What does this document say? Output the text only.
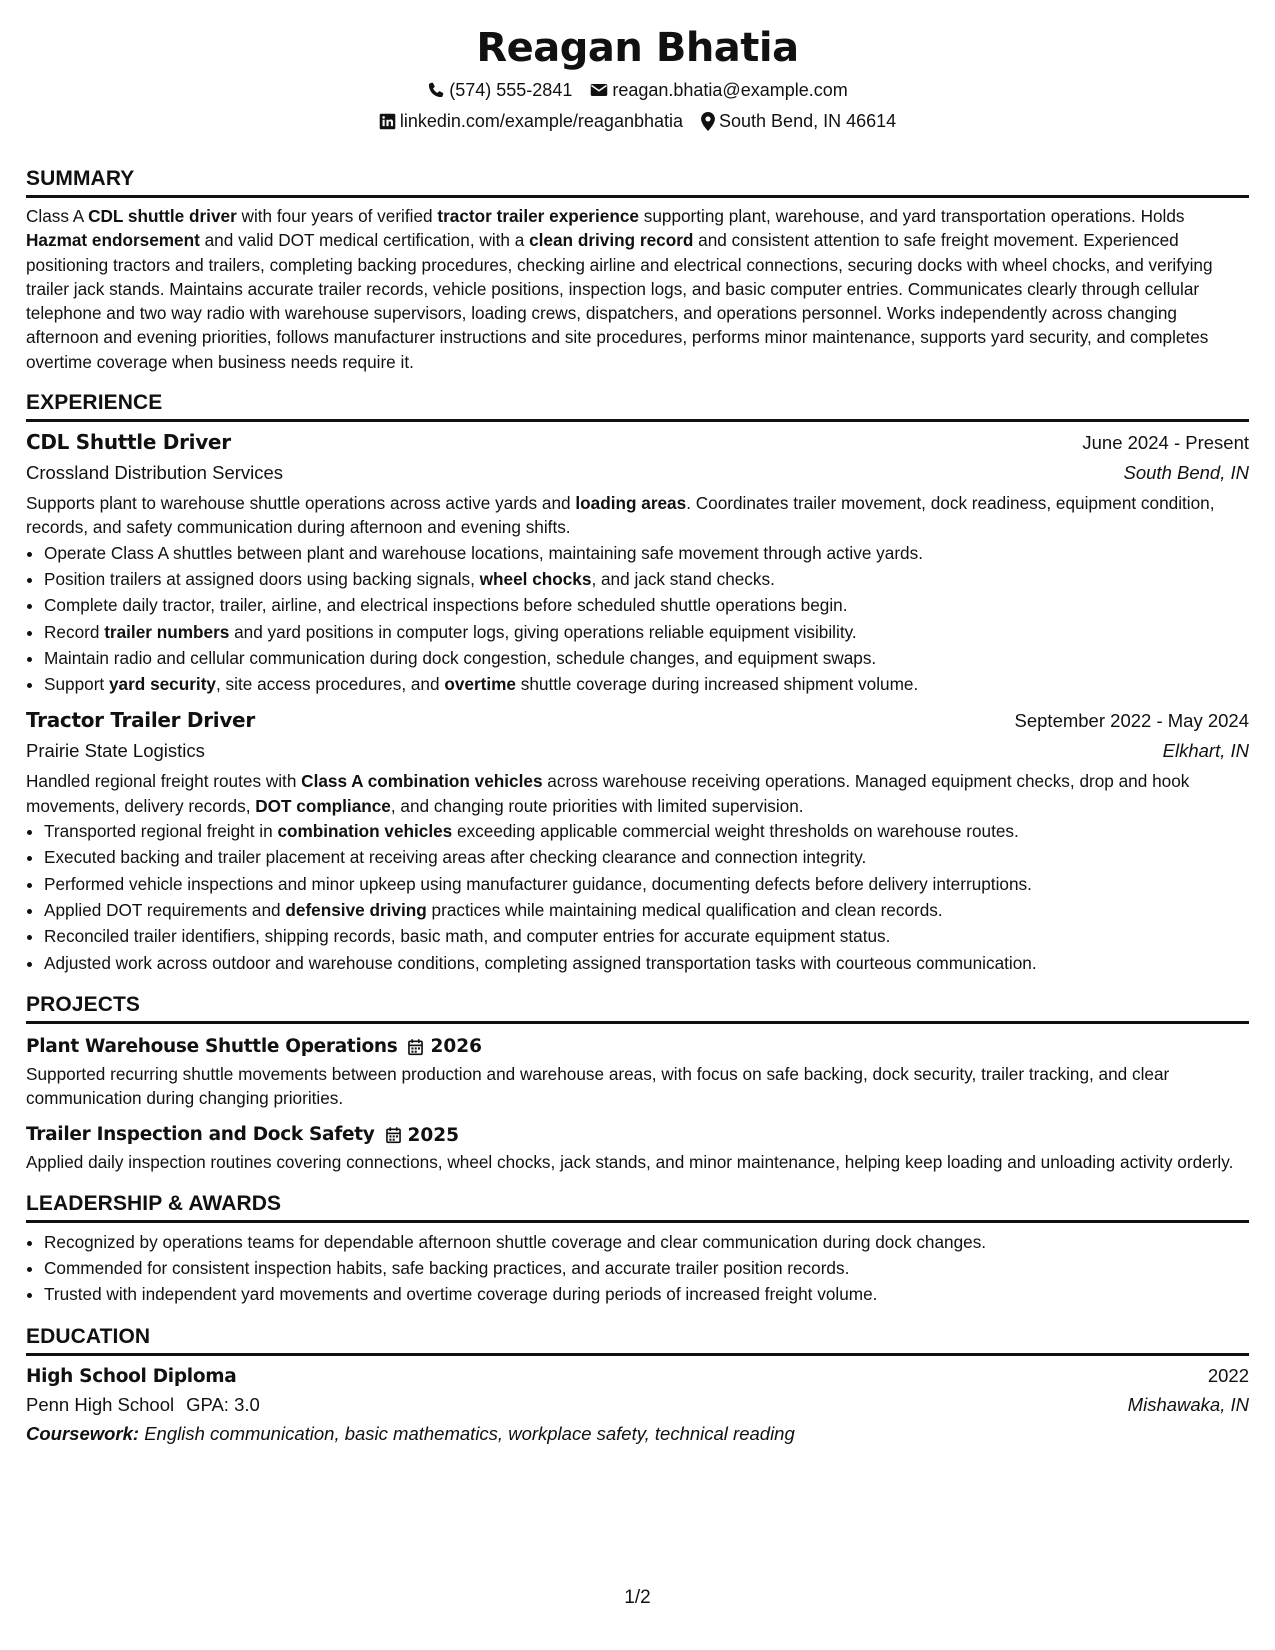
Reagan Bhatia
(574) 555-2841 reagan.bhatia@example.com
linkedin.com/example/reaganbhatia South Bend, IN 46614
SUMMARY

Class A CDL shuttle driver with four years of verified tractor trailer experience supporting plant, warehouse, and yard transportation operations. Holds Hazmat endorsement and valid DOT medical certification, with a clean driving record and consistent attention to safe freight movement. Experienced positioning tractors and trailers, completing backing procedures, checking airline and electrical connections, securing docks with wheel chocks, and verifying trailer jack stands. Maintains accurate trailer records, vehicle positions, inspection logs, and basic computer entries. Communicates clearly through cellular telephone and two way radio with warehouse supervisors, loading crews, dispatchers, and operations personnel. Works independently across changing afternoon and evening priorities, follows manufacturer instructions and site procedures, performs minor maintenance, supports yard security, and completes overtime coverage when business needs require it.

EXPERIENCE
CDL Shuttle Driver	June 2024 - Present
Crossland Distribution Services	South Bend, IN

Supports plant to warehouse shuttle operations across active yards and loading areas. Coordinates trailer movement, dock readiness, equipment condition, records, and safety communication during afternoon and evening shifts.

• Operate Class A shuttles between plant and warehouse locations, maintaining safe movement through active yards.
• Position trailers at assigned doors using backing signals, wheel chocks, and jack stand checks.
• Complete daily tractor, trailer, airline, and electrical inspections before scheduled shuttle operations begin.
• Record trailer numbers and yard positions in computer logs, giving operations reliable equipment visibility.
• Maintain radio and cellular communication during dock congestion, schedule changes, and equipment swaps.
• Support yard security, site access procedures, and overtime shuttle coverage during increased shipment volume.
Tractor Trailer Driver	September 2022 - May 2024
Prairie State Logistics	Elkhart, IN

Handled regional freight routes with Class A combination vehicles across warehouse receiving operations. Managed equipment checks, drop and hook movements, delivery records, DOT compliance, and changing route priorities with limited supervision.

• Transported regional freight in combination vehicles exceeding applicable commercial weight thresholds on warehouse routes.
• Executed backing and trailer placement at receiving areas after checking clearance and connection integrity.
• Performed vehicle inspections and minor upkeep using manufacturer guidance, documenting defects before delivery interruptions.
• Applied DOT requirements and defensive driving practices while maintaining medical qualification and clean records.
• Reconciled trailer identifiers, shipping records, basic math, and computer entries for accurate equipment status.
• Adjusted work across outdoor and warehouse conditions, completing assigned transportation tasks with courteous communication.
PROJECTS
Plant Warehouse Shuttle Operations 2026

Supported recurring shuttle movements between production and warehouse areas, with focus on safe backing, dock security, trailer tracking, and clear communication during changing priorities.

Trailer Inspection and Dock Safety 2025

Applied daily inspection routines covering connections, wheel chocks, jack stands, and minor maintenance, helping keep loading and unloading activity orderly.

LEADERSHIP & AWARDS
• Recognized by operations teams for dependable afternoon shuttle coverage and clear communication during dock changes.
• Commended for consistent inspection habits, safe backing practices, and accurate trailer position records.
• Trusted with independent yard movements and overtime coverage during periods of increased freight volume.
EDUCATION
High School Diploma	2022
Penn High School GPA: 3.0	Mishawaka, IN
Coursework: English communication, basic mathematics, workplace safety, technical reading
1/2
